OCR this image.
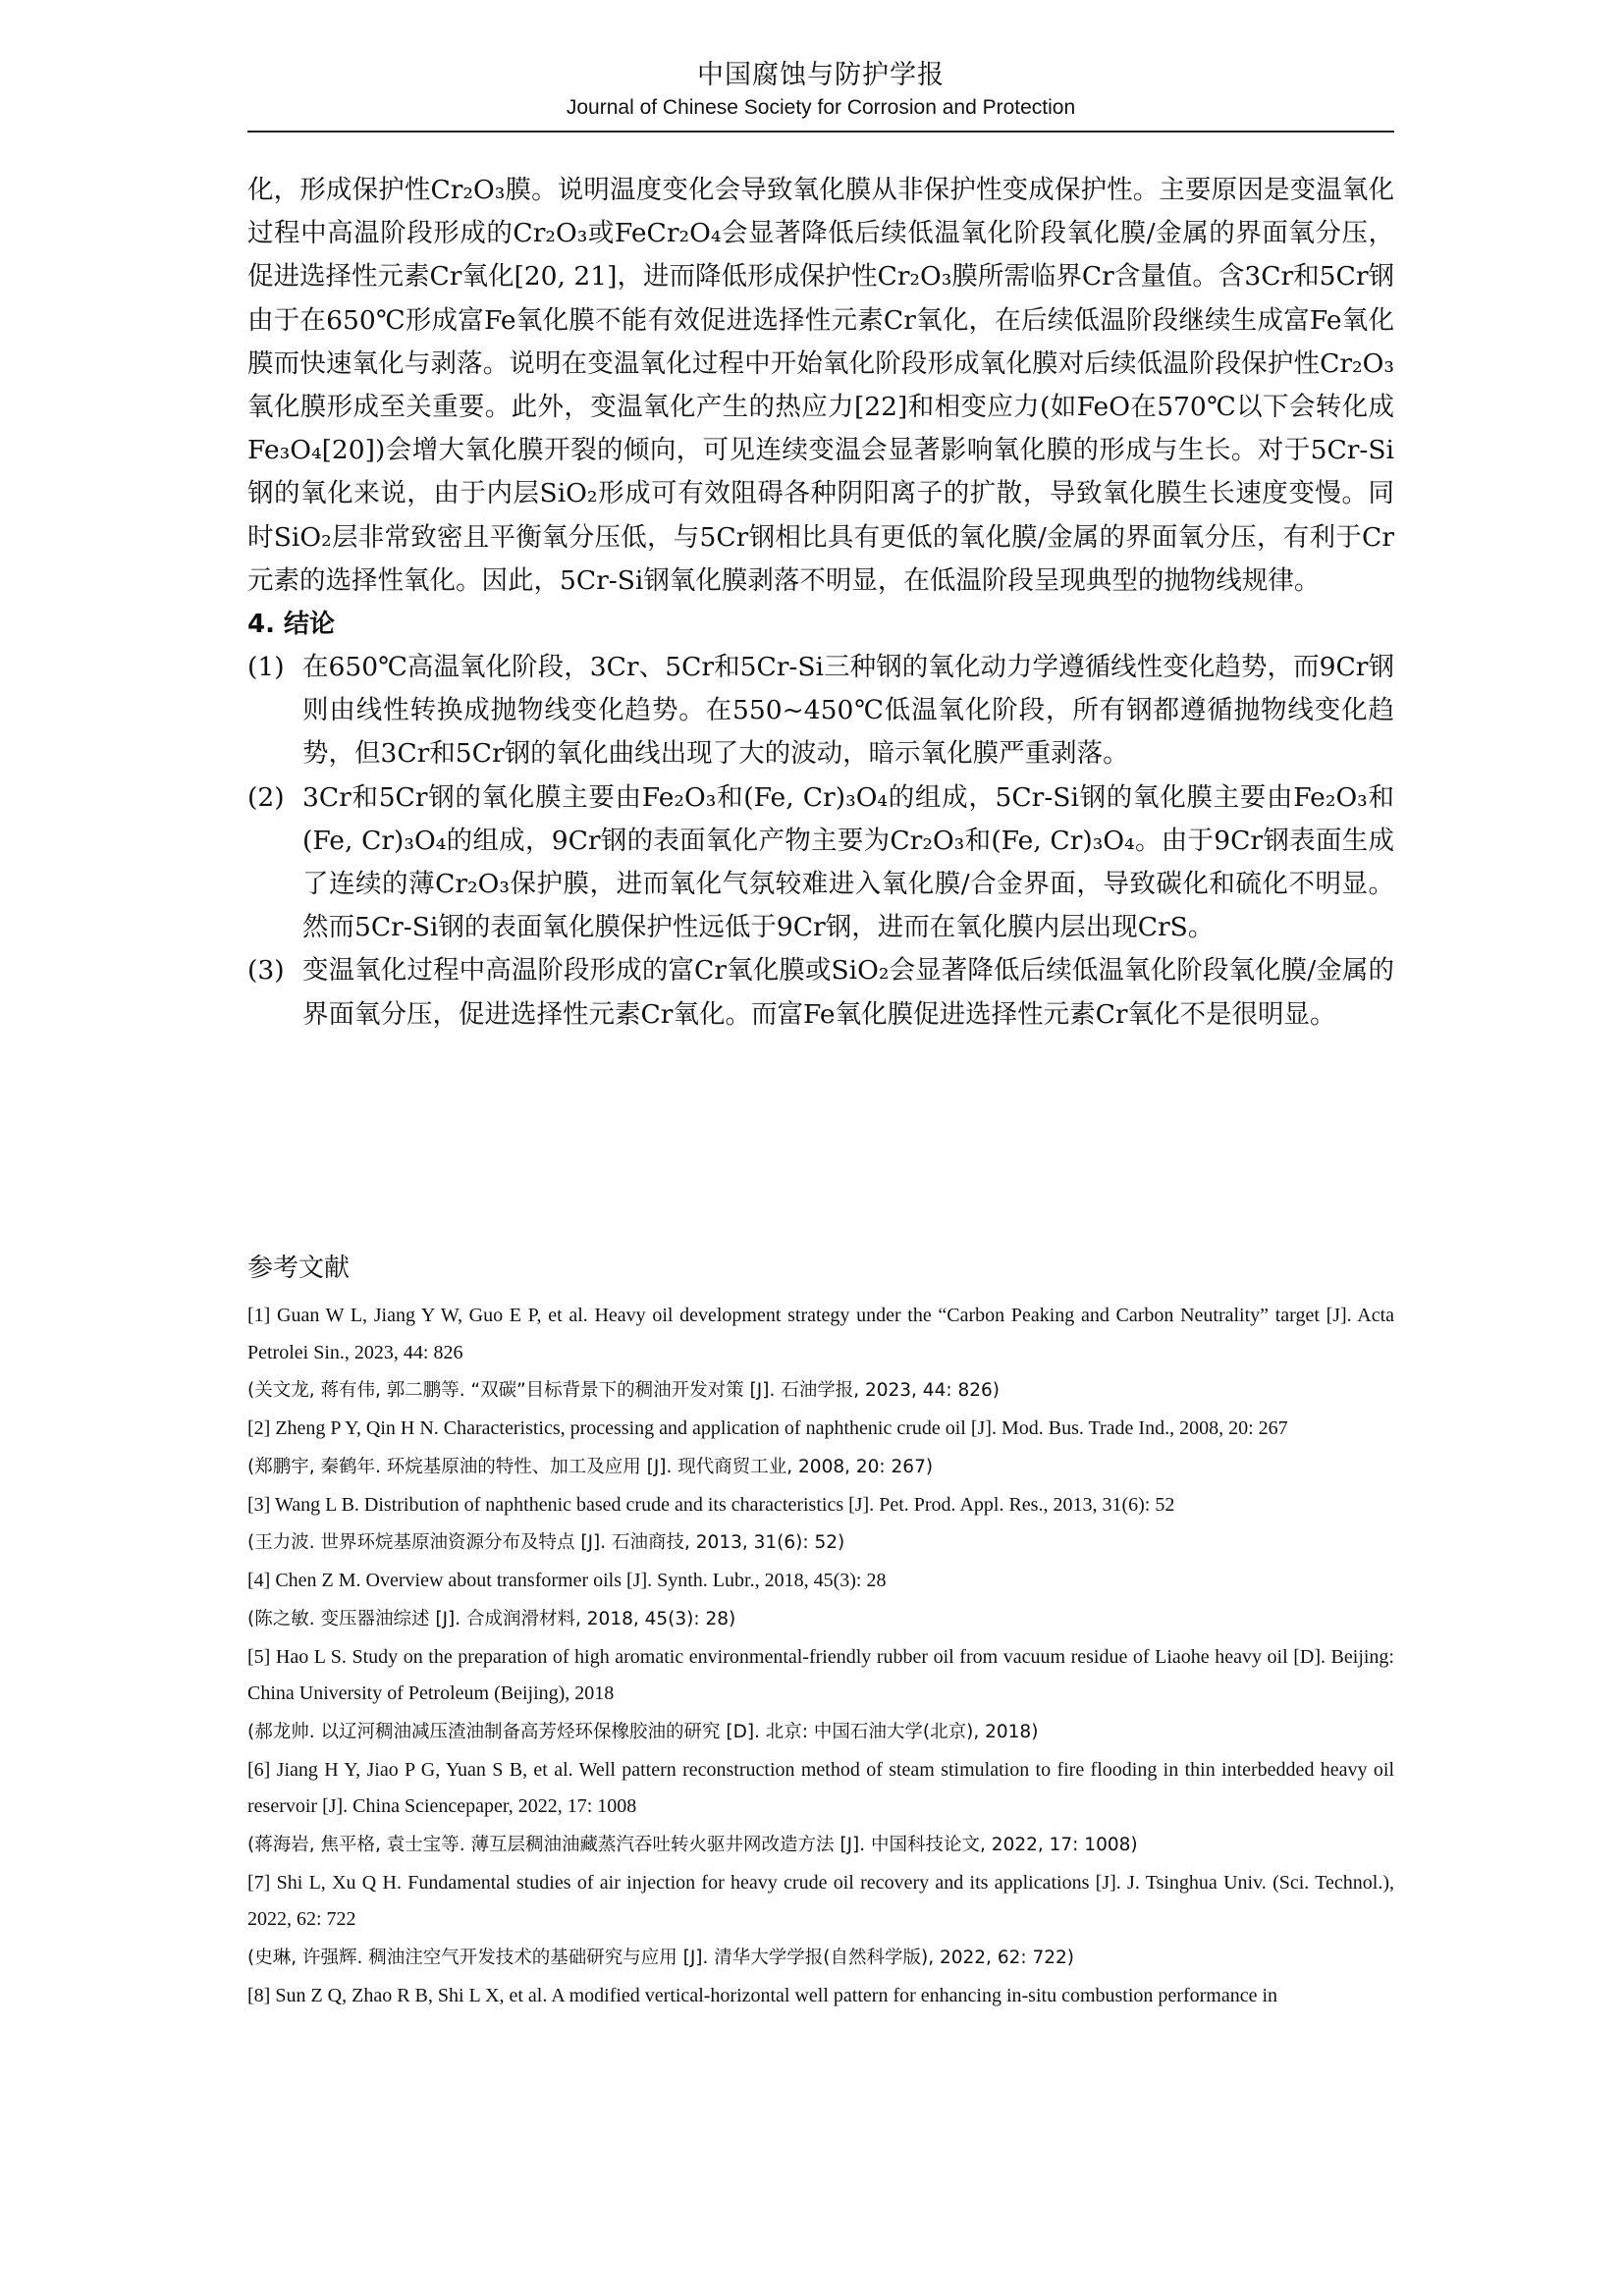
中国腐蚀与防护学报
Journal of Chinese Society for Corrosion and Protection

化，形成保护性Cr₂O₃膜。说明温度变化会导致氧化膜从非保护性变成保护性。主要原因是变温氧化过程中高温阶段形成的Cr₂O₃或FeCr₂O₄会显著降低后续低温氧化阶段氧化膜/金属的界面氧分压，促进选择性元素Cr氧化[20, 21]，进而降低形成保护性Cr₂O₃膜所需临界Cr含量值。含3Cr和5Cr钢由于在650℃形成富Fe氧化膜不能有效促进选择性元素Cr氧化，在后续低温阶段继续生成富Fe氧化膜而快速氧化与剥落。说明在变温氧化过程中开始氧化阶段形成氧化膜对后续低温阶段保护性Cr₂O₃氧化膜形成至关重要。此外，变温氧化产生的热应力[22]和相变应力(如FeO在570℃以下会转化成Fe₃O₄[20])会增大氧化膜开裂的倾向，可见连续变温会显著影响氧化膜的形成与生长。对于5Cr-Si钢的氧化来说，由于内层SiO₂形成可有效阻碍各种阴阳离子的扩散，导致氧化膜生长速度变慢。同时SiO₂层非常致密且平衡氧分压低，与5Cr钢相比具有更低的氧化膜/金属的界面氧分压，有利于Cr元素的选择性氧化。因此，5Cr-Si钢氧化膜剥落不明显，在低温阶段呈现典型的抛物线规律。

4. 结论

(1) 在650℃高温氧化阶段，3Cr、5Cr和5Cr-Si三种钢的氧化动力学遵循线性变化趋势，而9Cr钢则由线性转换成抛物线变化趋势。在550~450℃低温氧化阶段，所有钢都遵循抛物线变化趋势，但3Cr和5Cr钢的氧化曲线出现了大的波动，暗示氧化膜严重剥落。

(2) 3Cr和5Cr钢的氧化膜主要由Fe₂O₃和(Fe, Cr)₃O₄的组成，5Cr-Si钢的氧化膜主要由Fe₂O₃和(Fe, Cr)₃O₄的组成，9Cr钢的表面氧化产物主要为Cr₂O₃和(Fe, Cr)₃O₄。由于9Cr钢表面生成了连续的薄Cr₂O₃保护膜，进而氧化气氛较难进入氧化膜/合金界面，导致碳化和硫化不明显。然而5Cr-Si钢的表面氧化膜保护性远低于9Cr钢，进而在氧化膜内层出现CrS。

(3) 变温氧化过程中高温阶段形成的富Cr氧化膜或SiO₂会显著降低后续低温氧化阶段氧化膜/金属的界面氧分压，促进选择性元素Cr氧化。而富Fe氧化膜促进选择性元素Cr氧化不是很明显。

参考文献

[1] Guan W L, Jiang Y W, Guo E P, et al. Heavy oil development strategy under the “Carbon Peaking and Carbon Neutrality” target [J]. Acta Petrolei Sin., 2023, 44: 826

(关文龙, 蒋有伟, 郭二鹏等. “双碳”目标背景下的稠油开发对策 [J]. 石油学报, 2023, 44: 826)

[2] Zheng P Y, Qin H N. Characteristics, processing and application of naphthenic crude oil [J]. Mod. Bus. Trade Ind., 2008, 20: 267

(郑鹏宇, 秦鹤年. 环烷基原油的特性、加工及应用 [J]. 现代商贸工业, 2008, 20: 267)

[3] Wang L B. Distribution of naphthenic based crude and its characteristics [J]. Pet. Prod. Appl. Res., 2013, 31(6): 52

(王力波. 世界环烷基原油资源分布及特点 [J]. 石油商技, 2013, 31(6): 52)

[4] Chen Z M. Overview about transformer oils [J]. Synth. Lubr., 2018, 45(3): 28

(陈之敏. 变压器油综述 [J]. 合成润滑材料, 2018, 45(3): 28)

[5] Hao L S. Study on the preparation of high aromatic environmental-friendly rubber oil from vacuum residue of Liaohe heavy oil [D]. Beijing: China University of Petroleum (Beijing), 2018

(郝龙帅. 以辽河稠油减压渣油制备高芳烃环保橡胶油的研究 [D]. 北京: 中国石油大学(北京), 2018)

[6] Jiang H Y, Jiao P G, Yuan S B, et al. Well pattern reconstruction method of steam stimulation to fire flooding in thin interbedded heavy oil reservoir [J]. China Sciencepaper, 2022, 17: 1008

(蒋海岩, 焦平格, 袁士宝等. 薄互层稠油油藏蒸汽吞吐转火驱井网改造方法 [J]. 中国科技论文, 2022, 17: 1008)

[7] Shi L, Xu Q H. Fundamental studies of air injection for heavy crude oil recovery and its applications [J]. J. Tsinghua Univ. (Sci. Technol.), 2022, 62: 722

(史琳, 许强辉. 稠油注空气开发技术的基础研究与应用 [J]. 清华大学学报(自然科学版), 2022, 62: 722)

[8] Sun Z Q, Zhao R B, Shi L X, et al. A modified vertical-horizontal well pattern for enhancing in-situ combustion performance in
